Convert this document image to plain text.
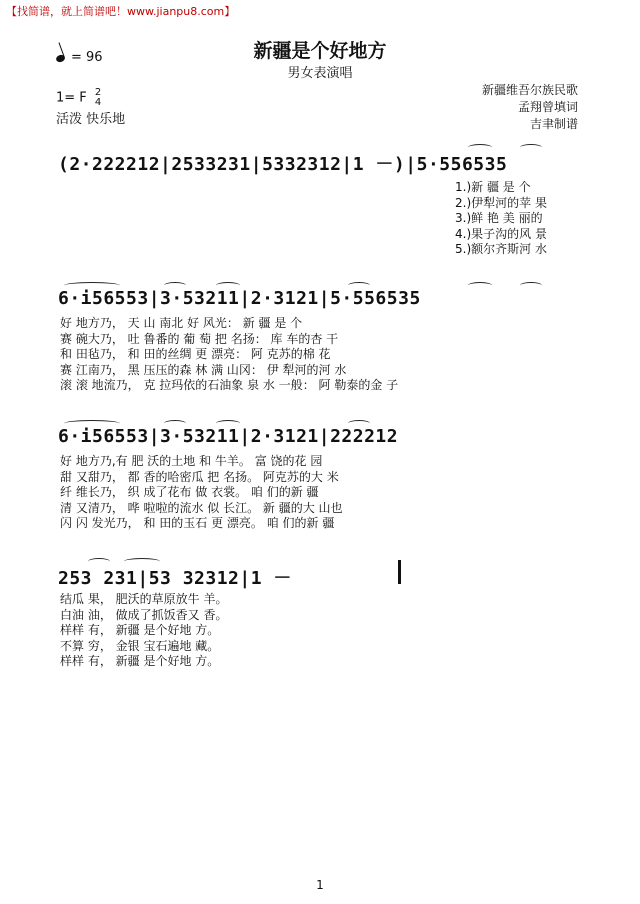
【找简谱，就上简谱吧！www.jianpu8.com】
新疆是个好地方
男女表演唱
= 96
1= F 2
4
活泼 快乐地
新疆维吾尔族民歌
孟翔曾填词
吉聿制谱
(2·222212|2533231|5332312|1 －)|5·556535
1.)新 疆 是 个
2.)伊犁河的苹 果
3.)鲜 艳 美 丽的
4.)果子沟的风 景
5.)额尔齐斯河 水
6·i56553|3·53211|2·3121|5·556535
好 地方乃， 天 山 南北 好 风光： 新 疆 是 个
赛 碗大乃， 吐 鲁番的 葡 萄 把 名扬： 库 车的杏 干
和 田毡乃， 和 田的丝绸 更 漂亮： 阿 克苏的棉 花
赛 江南乃， 黑 压压的森 林 满 山冈： 伊 犁河的河 水
滚 滚 地流乃， 克 拉玛依的石油象 泉 水 一般： 阿 勒泰的金 子
6·i56553|3·53211|2·3121|222212
好 地方乃,有 肥 沃的土地 和 牛羊。 富 饶的花 园
甜 又甜乃， 都 香的哈密瓜 把 名扬。 阿克苏的大 米
纤 维长乃， 织 成了花布 做 衣裳。 咱 们的新 疆
清 又清乃， 哗 啦啦的流水 似 长江。 新 疆的大 山也
闪 闪 发光乃， 和 田的玉石 更 漂亮。 咱 们的新 疆
253 231|53 32312|1 －
结瓜 果， 肥沃的草原放牛 羊。
白油 油， 做成了抓饭香又 香。
样样 有， 新疆 是个好地 方。
不算 穷， 金银 宝石遍地 藏。
样样 有， 新疆 是个好地 方。
1
